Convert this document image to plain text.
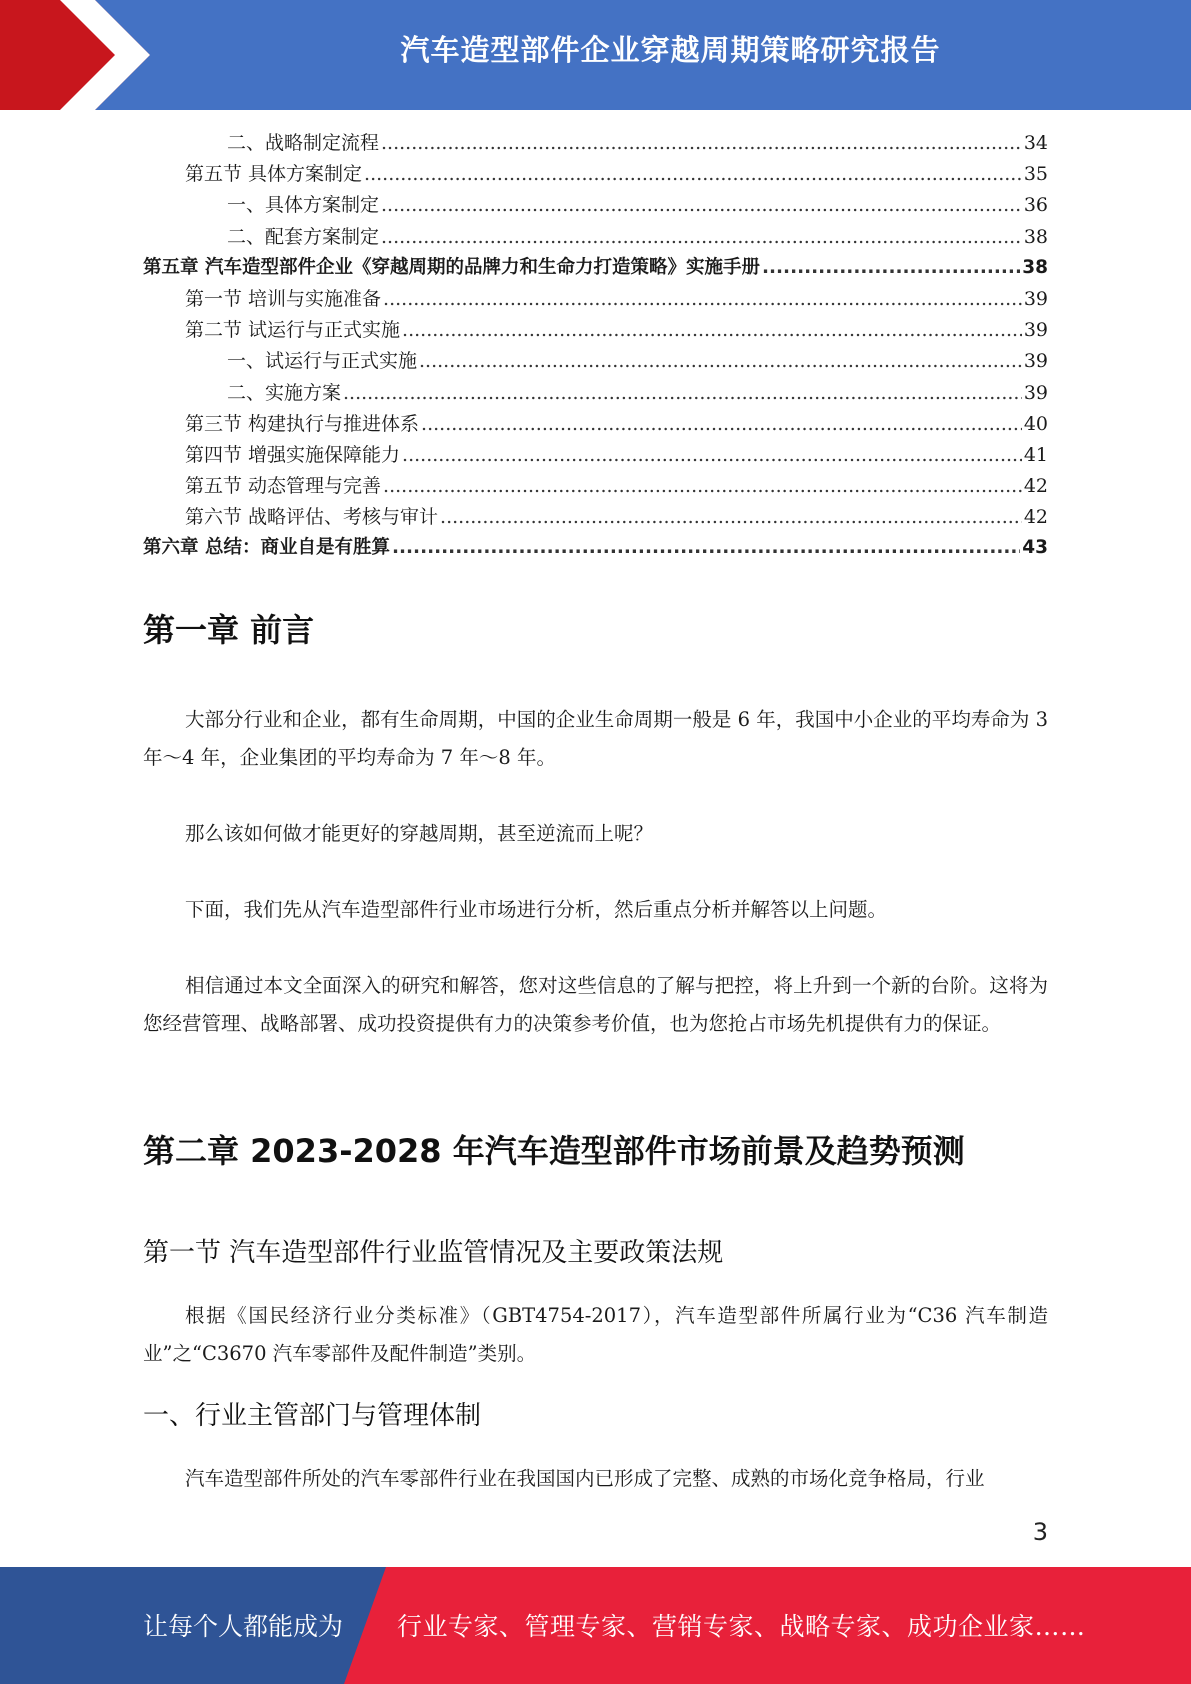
汽车造型部件企业穿越周期策略研究报告
二、战略制定流程 .....	34
第五节 具体方案制定 .....	35
一、具体方案制定 .....	36
二、配套方案制定 .....	38
第五章 汽车造型部件企业《穿越周期的品牌力和生命力打造策略》实施手册 .....	38
第一节 培训与实施准备 .....	39
第二节 试运行与正式实施 .....	39
一、试运行与正式实施 .....	39
二、实施方案 .....	39
第三节 构建执行与推进体系 .....	40
第四节 增强实施保障能力 .....	41
第五节 动态管理与完善 .....	42
第六节 战略评估、考核与审计 .....	42
第六章 总结：商业自是有胜算 .....	43
第一章 前言
大部分行业和企业，都有生命周期，中国的企业生命周期一般是 6 年，我国中小企业的平均寿命为 3 年～4 年，企业集团的平均寿命为 7 年～8 年。
那么该如何做才能更好的穿越周期，甚至逆流而上呢？
下面，我们先从汽车造型部件行业市场进行分析，然后重点分析并解答以上问题。
相信通过本文全面深入的研究和解答，您对这些信息的了解与把控，将上升到一个新的台阶。这将为您经营管理、战略部署、成功投资提供有力的决策参考价值，也为您抢占市场先机提供有力的保证。
第二章 2023-2028 年汽车造型部件市场前景及趋势预测
第一节 汽车造型部件行业监管情况及主要政策法规
根据《国民经济行业分类标准》（GBT4754-2017），汽车造型部件所属行业为“C36 汽车制造业”之“C3670 汽车零部件及配件制造”类别。
一、行业主管部门与管理体制
汽车造型部件所处的汽车零部件行业在我国国内已形成了完整、成熟的市场化竞争格局，行业
3
让每个人都能成为 行业专家、管理专家、营销专家、战略专家、成功企业家……
